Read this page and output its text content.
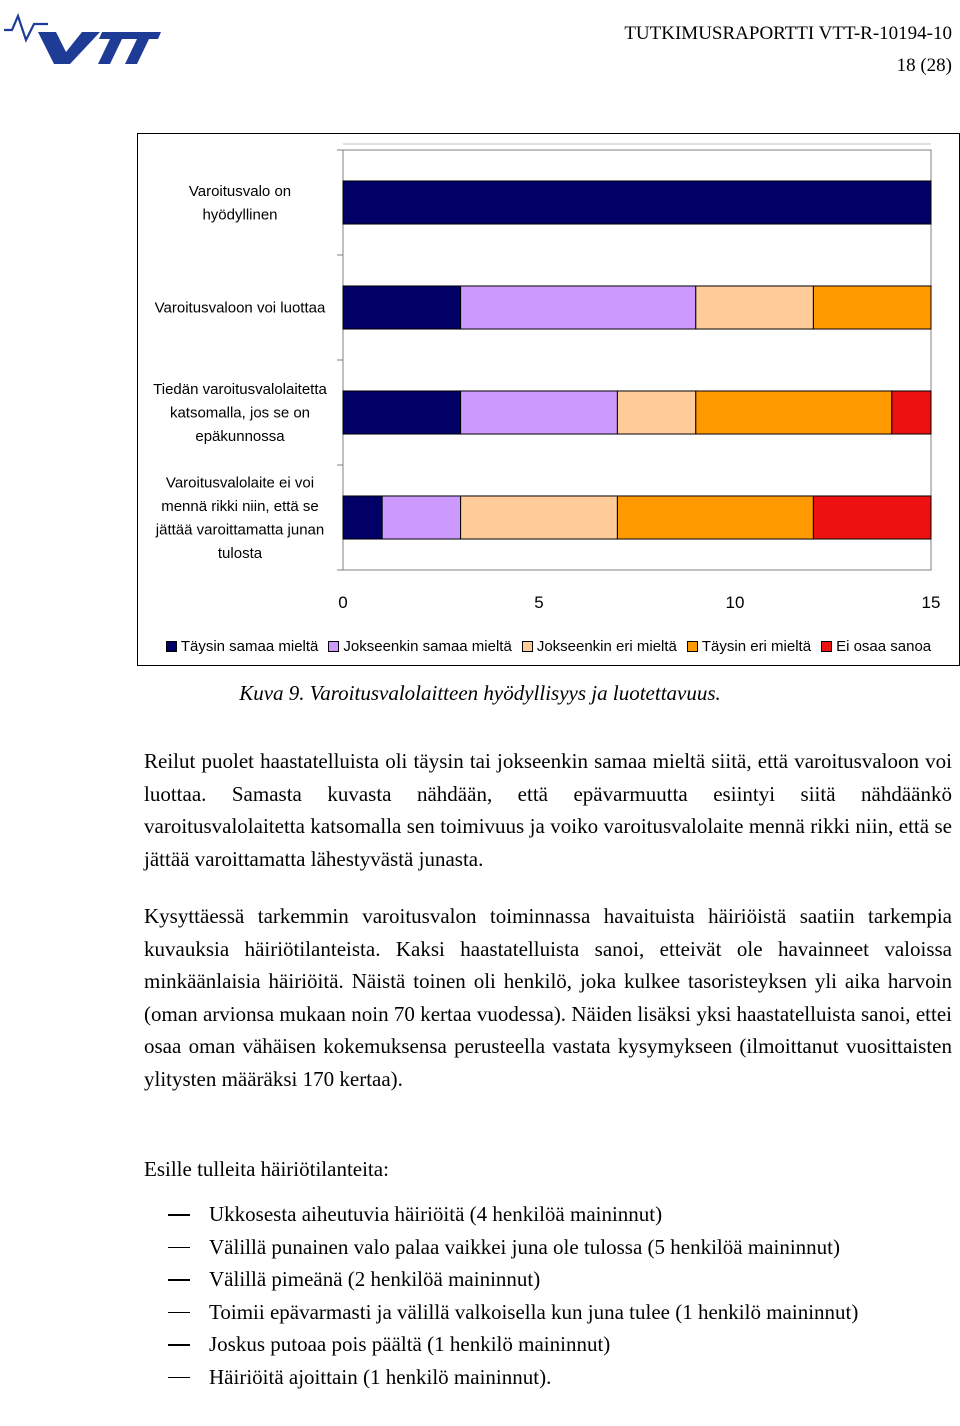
TUTKIMUSRAPORTTI VTT-R-10194-10
18 (28)
Varoitusvalo on
hyödyllinen
Varoitusvaloon voi luottaa
Tiedän varoitusvalolaitetta
katsomalla, jos se on
epäkunnossa
Varoitusvalolaite ei voi
mennä rikki niin, että se
jättää varoittamatta junan
tulosta
0	5	10	15
Täysin samaa mieltä Jokseenkin samaa mieltä Jokseenkin eri mieltä Täysin eri mieltä Ei osaa sanoa
Kuva 9. Varoitusvalolaitteen hyödyllisyys ja luotettavuus.
Reilut puolet haastatelluista oli täysin tai jokseenkin samaa mieltä siitä, että varoitusvaloon voi luottaa. Samasta kuvasta nähdään, että epävarmuutta esiintyi siitä nähdäänkö varoitusvalolaitetta katsomalla sen toimivuus ja voiko varoitusvalolaite mennä rikki niin, että se jättää varoittamatta lähestyvästä junasta.
Kysyttäessä tarkemmin varoitusvalon toiminnassa havaituista häiriöistä saatiin tarkempia kuvauksia häiriötilanteista. Kaksi haastatelluista sanoi, etteivät ole havainneet valoissa minkäänlaisia häiriöitä. Näistä toinen oli henkilö, joka kulkee tasoristeyksen yli aika harvoin (oman arvionsa mukaan noin 70 kertaa vuodessa). Näiden lisäksi yksi haastatelluista sanoi, ettei osaa oman vähäisen kokemuksensa perusteella vastata kysymykseen (ilmoittanut vuosittaisten ylitysten määräksi 170 kertaa).
Esille tulleita häiriötilanteita:
Ukkosesta aiheutuvia häiriöitä (4 henkilöä maininnut)
Välillä punainen valo palaa vaikkei juna ole tulossa (5 henkilöä maininnut)
Välillä pimeänä (2 henkilöä maininnut)
Toimii epävarmasti ja välillä valkoisella kun juna tulee (1 henkilö maininnut)
Joskus putoaa pois päältä (1 henkilö maininnut)
Häiriöitä ajoittain (1 henkilö maininnut).
